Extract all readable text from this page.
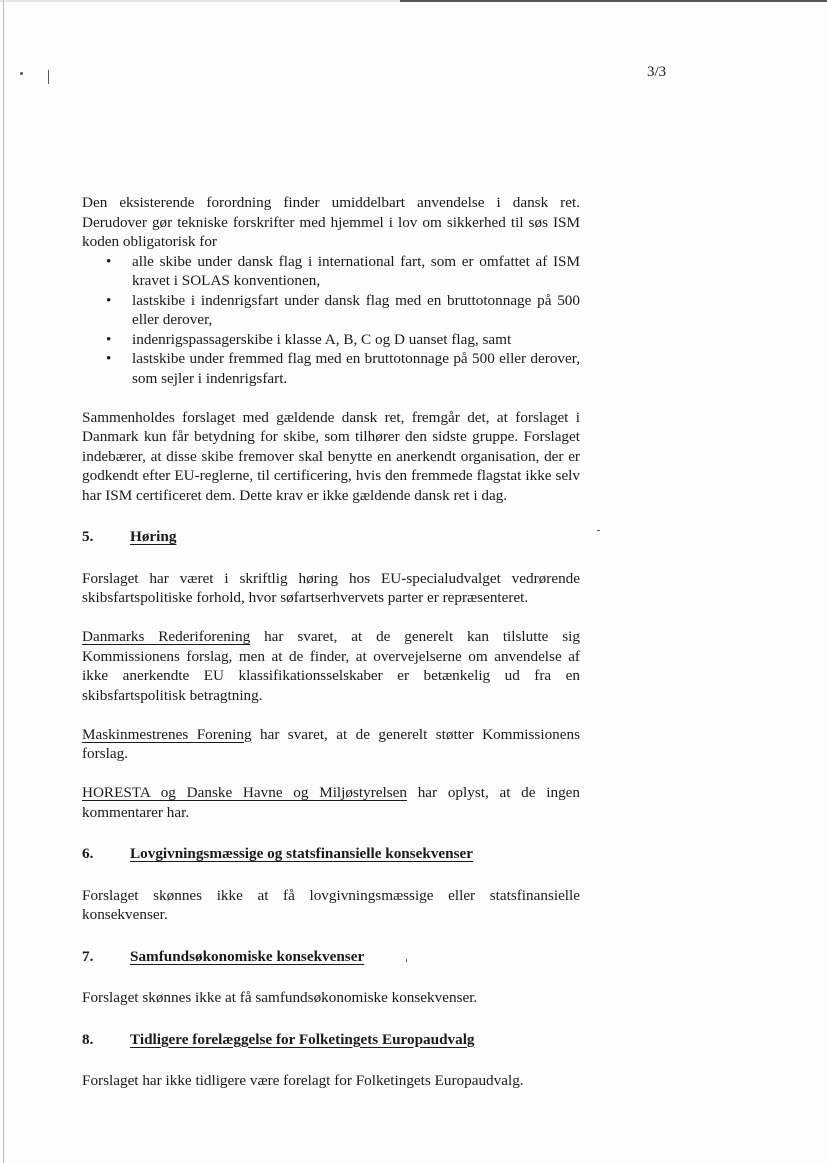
3/3

Den eksisterende forordning finder umiddelbart anvendelse i dansk ret. Derudover gør tekniske forskrifter med hjemmel i lov om sikkerhed til søs ISM koden obligatorisk for

• alle skibe under dansk flag i international fart, som er omfattet af ISM kravet i SOLAS konventionen,
• lastskibe i indenrigsfart under dansk flag med en bruttotonnage på 500 eller derover,
• indenrigspassagerskibe i klasse A, B, C og D uanset flag, samt
• lastskibe under fremmed flag med en bruttotonnage på 500 eller derover, som sejler i indenrigsfart.

Sammenholdes forslaget med gældende dansk ret, fremgår det, at forslaget i Danmark kun får betydning for skibe, som tilhører den sidste gruppe. Forslaget indebærer, at disse skibe fremover skal benytte en anerkendt organisation, der er godkendt efter EU-reglerne, til certificering, hvis den fremmede flagstat ikke selv har ISM certificeret dem. Dette krav er ikke gældende dansk ret i dag.

5.	Høring

Forslaget har været i skriftlig høring hos EU-specialudvalget vedrørende skibsfartspolitiske forhold, hvor søfartserhvervets parter er repræsenteret.

Danmarks Rederiforening har svaret, at de generelt kan tilslutte sig Kommissionens forslag, men at de finder, at overvejelserne om anvendelse af ikke anerkendte EU klassifikationsselskaber er betænkelig ud fra en skibsfartspolitisk betragtning.

Maskinmestrenes Forening har svaret, at de generelt støtter Kommissionens forslag.

HORESTA og Danske Havne og Miljøstyrelsen har oplyst, at de ingen kommentarer har.

6.	Lovgivningsmæssige og statsfinansielle konsekvenser

Forslaget skønnes ikke at få lovgivningsmæssige eller statsfinansielle konsekvenser.

7.	Samfundsøkonomiske konsekvenser

Forslaget skønnes ikke at få samfundsøkonomiske konsekvenser.

8.	Tidligere forelæggelse for Folketingets Europaudvalg

Forslaget har ikke tidligere være forelagt for Folketingets Europaudvalg.
